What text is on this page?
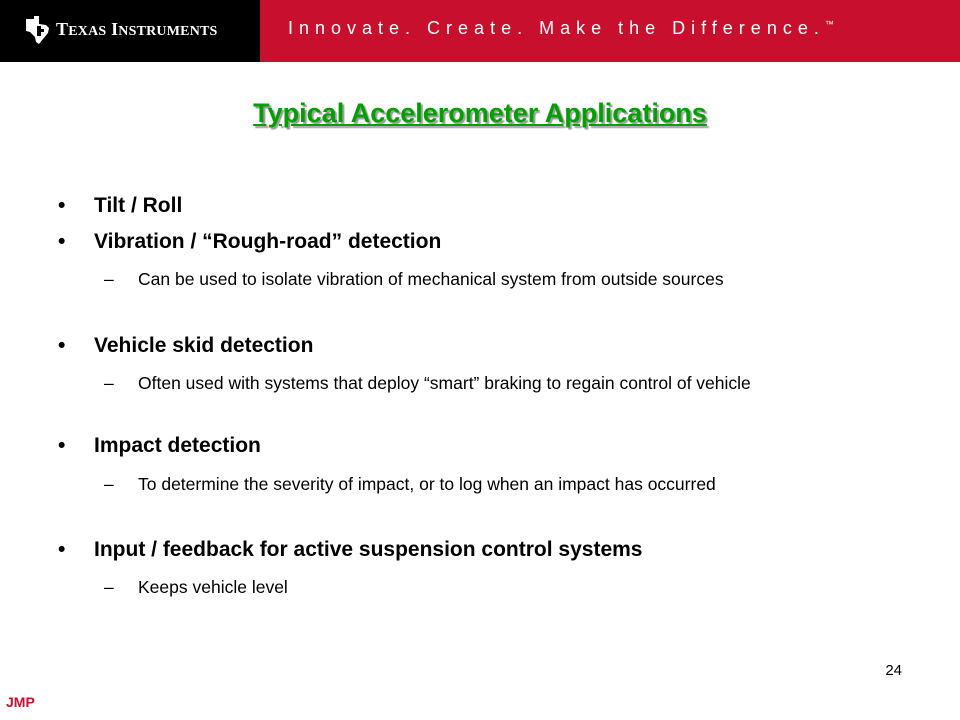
TEXAS INSTRUMENTS	Innovate. Create. Make the Difference.™
Typical Accelerometer Applications
• Tilt / Roll
• Vibration / “Rough-road” detection
–	Can be used to isolate vibration of mechanical system from outside sources
• Vehicle skid detection
–	Often used with systems that deploy “smart” braking to regain control of vehicle
• Impact detection
–	To determine the severity of impact, or to log when an impact has occurred
• Input / feedback for active suspension control systems
–	Keeps vehicle level
24
JMP
